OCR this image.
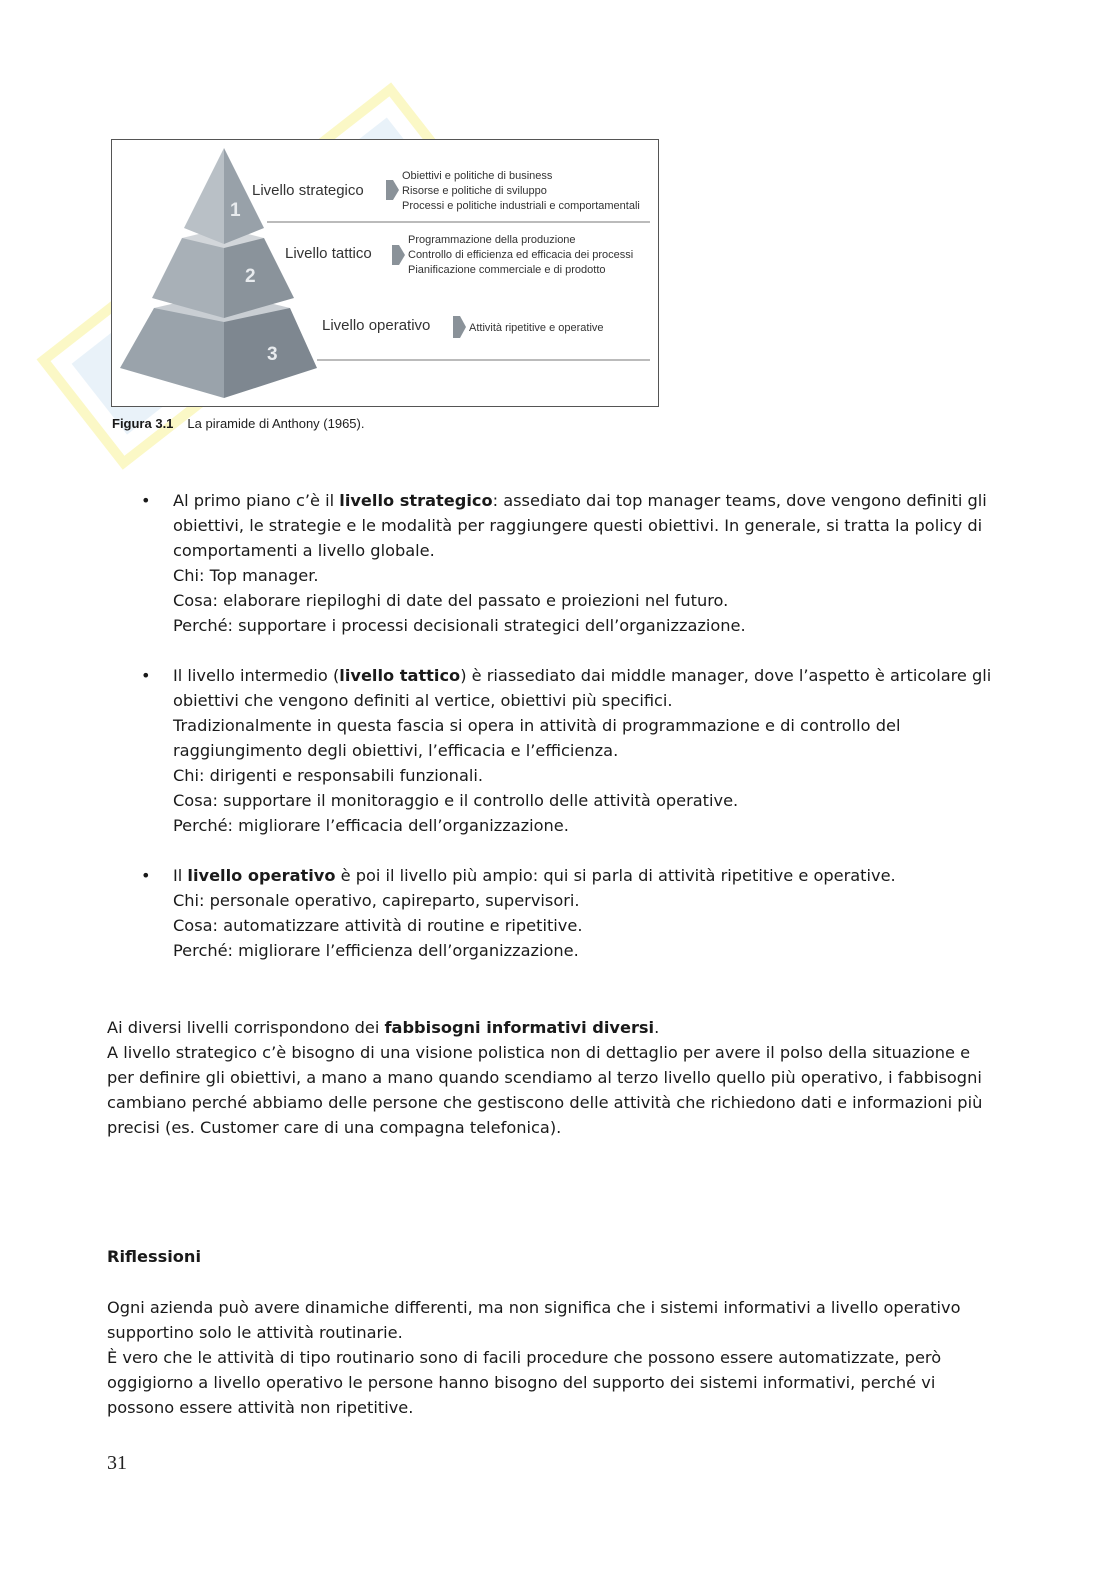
1
2
3
Livello strategico
Livello tattico
Livello operativo
Obiettivi e politiche di business
Risorse e politiche di sviluppo
Processi e politiche industriali e comportamentali
Programmazione della produzione
Controllo di efficienza ed efficacia dei processi
Pianificazione commerciale e di prodotto
Attività ripetitive e operative
Figura 3.1 La piramide di Anthony (1965).
• Al primo piano c’è il livello strategico: assediato dai top manager teams, dove vengono definiti gli
obiettivi, le strategie e le modalità per raggiungere questi obiettivi. In generale, si tratta la policy di
comportamenti a livello globale.
Chi: Top manager.
Cosa: elaborare riepiloghi di date del passato e proiezioni nel futuro.
Perché: supportare i processi decisionali strategici dell’organizzazione.
• Il livello intermedio (livello tattico) è riassediato dai middle manager, dove l’aspetto è articolare gli
obiettivi che vengono definiti al vertice, obiettivi più specifici.
Tradizionalmente in questa fascia si opera in attività di programmazione e di controllo del
raggiungimento degli obiettivi, l’efficacia e l’efficienza.
Chi: dirigenti e responsabili funzionali.
Cosa: supportare il monitoraggio e il controllo delle attività operative.
Perché: migliorare l’efficacia dell’organizzazione.
• Il livello operativo è poi il livello più ampio: qui si parla di attività ripetitive e operative.
Chi: personale operativo, capireparto, supervisori.
Cosa: automatizzare attività di routine e ripetitive.
Perché: migliorare l’efficienza dell’organizzazione.
Ai diversi livelli corrispondono dei fabbisogni informativi diversi.
A livello strategico c’è bisogno di una visione polistica non di dettaglio per avere il polso della situazione e
per definire gli obiettivi, a mano a mano quando scendiamo al terzo livello quello più operativo, i fabbisogni
cambiano perché abbiamo delle persone che gestiscono delle attività che richiedono dati e informazioni più
precisi (es. Customer care di una compagna telefonica).
Riflessioni
Ogni azienda può avere dinamiche differenti, ma non significa che i sistemi informativi a livello operativo
supportino solo le attività routinarie.
È vero che le attività di tipo routinario sono di facili procedure che possono essere automatizzate, però
oggigiorno a livello operativo le persone hanno bisogno del supporto dei sistemi informativi, perché vi
possono essere attività non ripetitive.
31
